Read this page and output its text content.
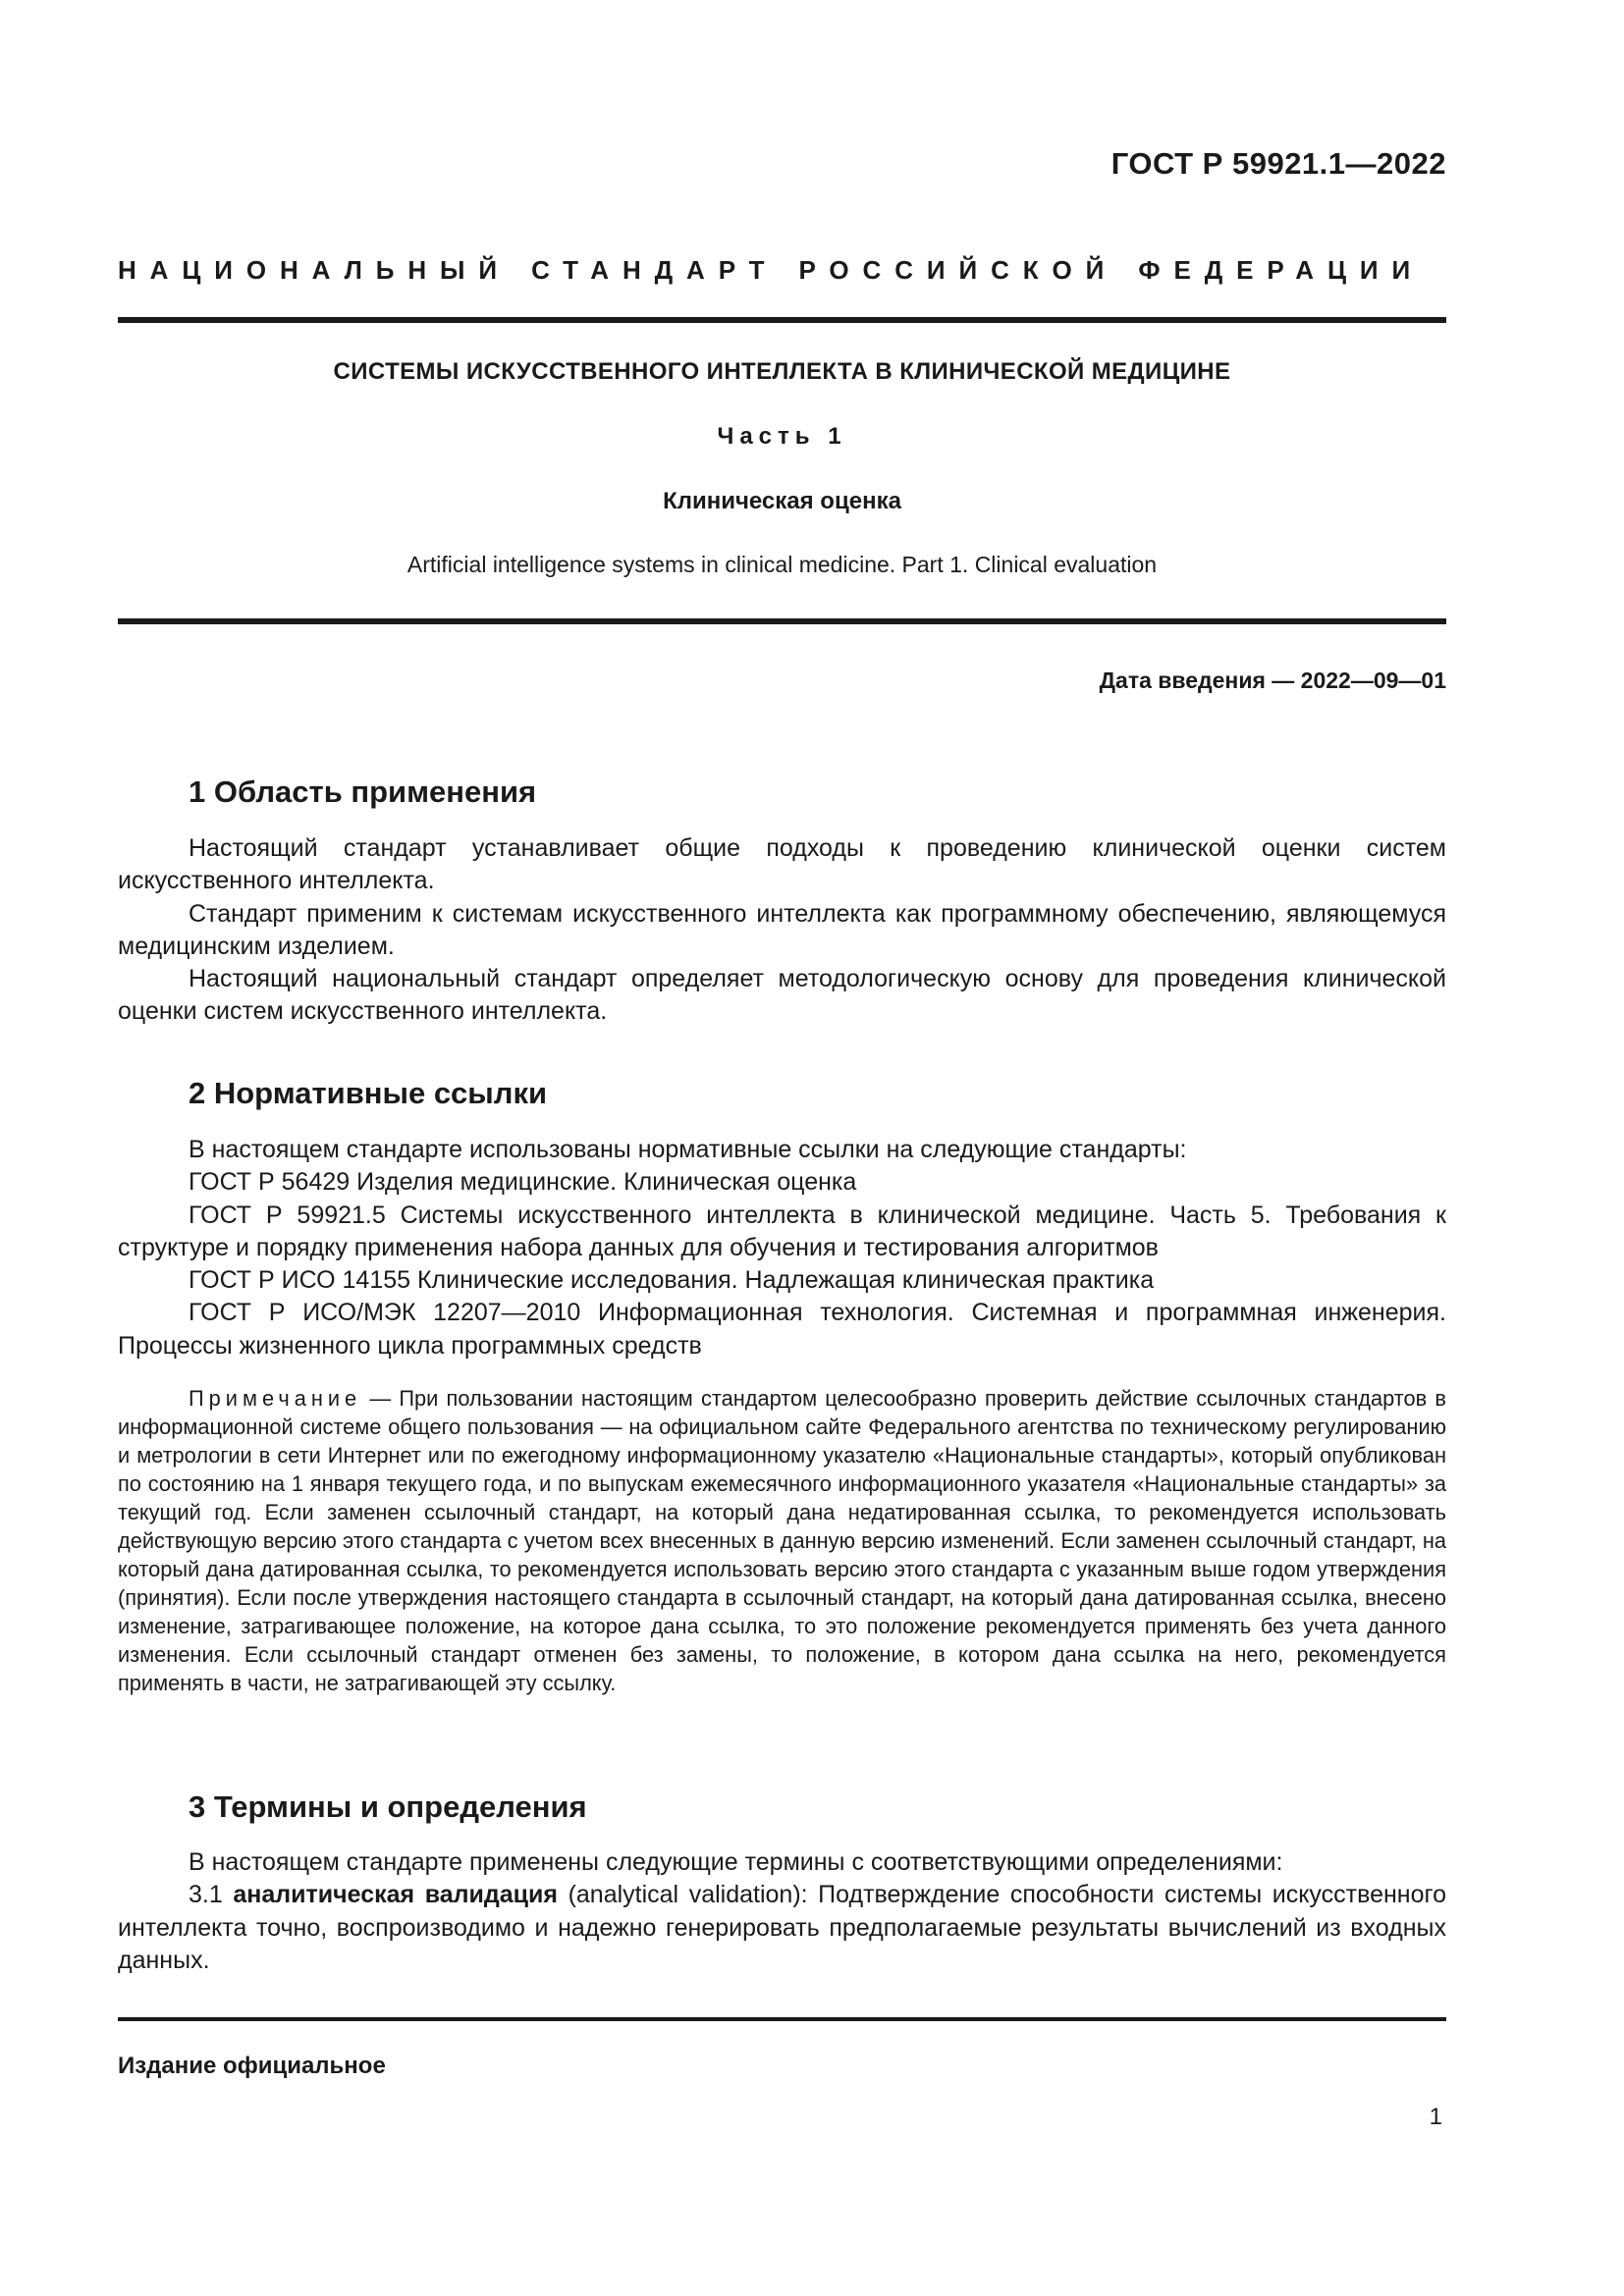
ГОСТ Р 59921.1—2022
НАЦИОНАЛЬНЫЙ СТАНДАРТ РОССИЙСКОЙ ФЕДЕРАЦИИ
СИСТЕМЫ ИСКУССТВЕННОГО ИНТЕЛЛЕКТА В КЛИНИЧЕСКОЙ МЕДИЦИНЕ
Часть 1
Клиническая оценка
Artificial intelligence systems in clinical medicine. Part 1. Clinical evaluation
Дата введения — 2022—09—01
1 Область применения

Настоящий стандарт устанавливает общие подходы к проведению клинической оценки систем искусственного интеллекта.

Стандарт применим к системам искусственного интеллекта как программному обеспечению, являющемуся медицинским изделием.

Настоящий национальный стандарт определяет методологическую основу для проведения клинической оценки систем искусственного интеллекта.

2 Нормативные ссылки

В настоящем стандарте использованы нормативные ссылки на следующие стандарты:

ГОСТ Р 56429 Изделия медицинские. Клиническая оценка

ГОСТ Р 59921.5 Системы искусственного интеллекта в клинической медицине. Часть 5. Требования к структуре и порядку применения набора данных для обучения и тестирования алгоритмов

ГОСТ Р ИСО 14155 Клинические исследования. Надлежащая клиническая практика

ГОСТ Р ИСО/МЭК 12207—2010 Информационная технология. Системная и программная инженерия. Процессы жизненного цикла программных средств

Примечание — При пользовании настоящим стандартом целесообразно проверить действие ссылочных стандартов в информационной системе общего пользования — на официальном сайте Федерального агентства по техническому регулированию и метрологии в сети Интернет или по ежегодному информационному указателю «Национальные стандарты», который опубликован по состоянию на 1 января текущего года, и по выпускам ежемесячного информационного указателя «Национальные стандарты» за текущий год. Если заменен ссылочный стандарт, на который дана недатированная ссылка, то рекомендуется использовать действующую версию этого стандарта с учетом всех внесенных в данную версию изменений. Если заменен ссылочный стандарт, на который дана датированная ссылка, то рекомендуется использовать версию этого стандарта с указанным выше годом утверждения (принятия). Если после утверждения настоящего стандарта в ссылочный стандарт, на который дана датированная ссылка, внесено изменение, затрагивающее положение, на которое дана ссылка, то это положение рекомендуется применять без учета данного изменения. Если ссылочный стандарт отменен без замены, то положение, в котором дана ссылка на него, рекомендуется применять в части, не затрагивающей эту ссылку.
3 Термины и определения

В настоящем стандарте применены следующие термины с соответствующими определениями:

3.1 аналитическая валидация (analytical validation): Подтверждение способности системы искусственного интеллекта точно, воспроизводимо и надежно генерировать предполагаемые результаты вычислений из входных данных.

Издание официальное
1
